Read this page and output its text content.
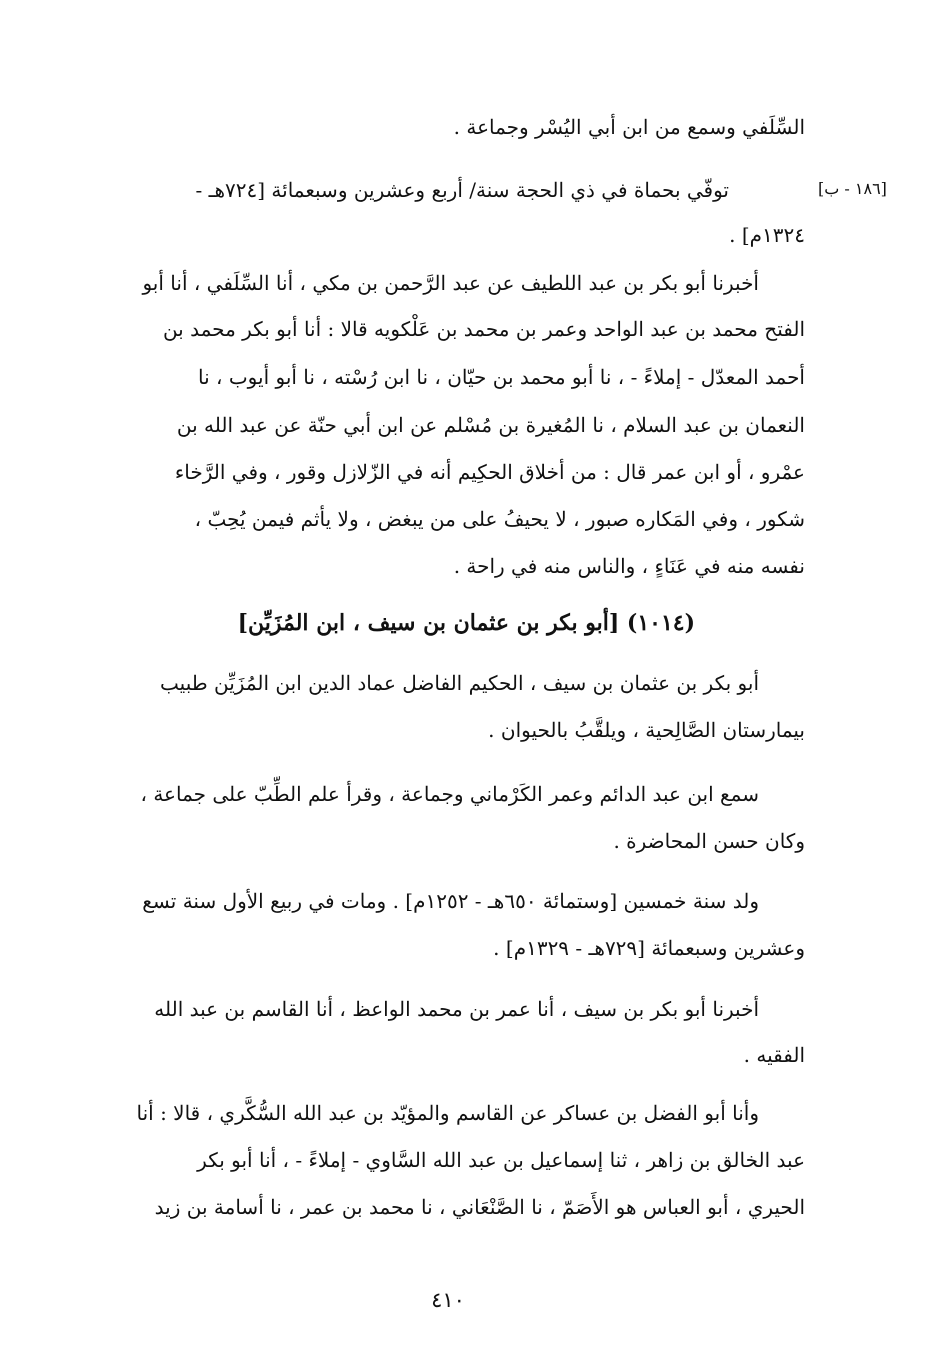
[١٨٦ - ب]
السِّلَفي وسمع من ابن أبي اليُسْر وجماعة .
توفّي بحماة في ذي الحجة سنة/ أربع وعشرين وسبعمائة [٧٢٤هـ -
١٣٢٤م] .
أخبرنا أبو بكر بن عبد اللطيف عن عبد الرَّحمن بن مكي ، أنا السِّلَفي ، أنا أبو
الفتح محمد بن عبد الواحد وعمر بن محمد بن عَلْكويه قالا : أنا أبو بكر محمد بن
أحمد المعدّل - إملاءً - ، نا أبو محمد بن حيّان ، نا ابن رُسْته ، نا أبو أيوب ، نا
النعمان بن عبد السلام ، نا المُغيرة بن مُسْلم عن ابن أبي حنّة عن عبد الله بن
عمْرو ، أو ابن عمر قال : من أخلاق الحكِيم أنه في الزّلازل وقور ، وفي الرَّخاء
شكور ، وفي المَكاره صبور ، لا يحيفُ على من يبغض ، ولا يأثم فيمن يُحِبّ ،
نفسه منه في عَنَاءٍ ، والناس منه في راحة .
(١٠١٤) [أبو بكر بن عثمان بن سيف ، ابن المُزَيِّن]
أبو بكر بن عثمان بن سيف ، الحكيم الفاضل عماد الدين ابن المُزَيِّن طبيب
بيمارستان الصَّالِحية ، ويلقَّبُ بالحيوان .
سمع ابن عبد الدائم وعمر الكَرْماني وجماعة ، وقرأ علم الطِّبّ على جماعة ،
وكان حسن المحاضرة .
ولد سنة خمسين [وستمائة ٦٥٠هـ - ١٢٥٢م] . ومات في ربيع الأول سنة تسع
وعشرين وسبعمائة [٧٢٩هـ - ١٣٢٩م] .
أخبرنا أبو بكر بن سيف ، أنا عمر بن محمد الواعظ ، أنا القاسم بن عبد الله
الفقيه .
وأنا أبو الفضل بن عساكر عن القاسم والمؤيّد بن عبد الله السُّكَّري ، قالا : أنا
عبد الخالق بن زاهر ، ثنا إسماعيل بن عبد الله السَّاوي - إملاءً - ، أنا أبو بكر
الحيري ، أبو العباس هو الأَصَمّ ، نا الصَّنْعَاني ، نا محمد بن عمر ، نا أسامة بن زيد
٤١٠
